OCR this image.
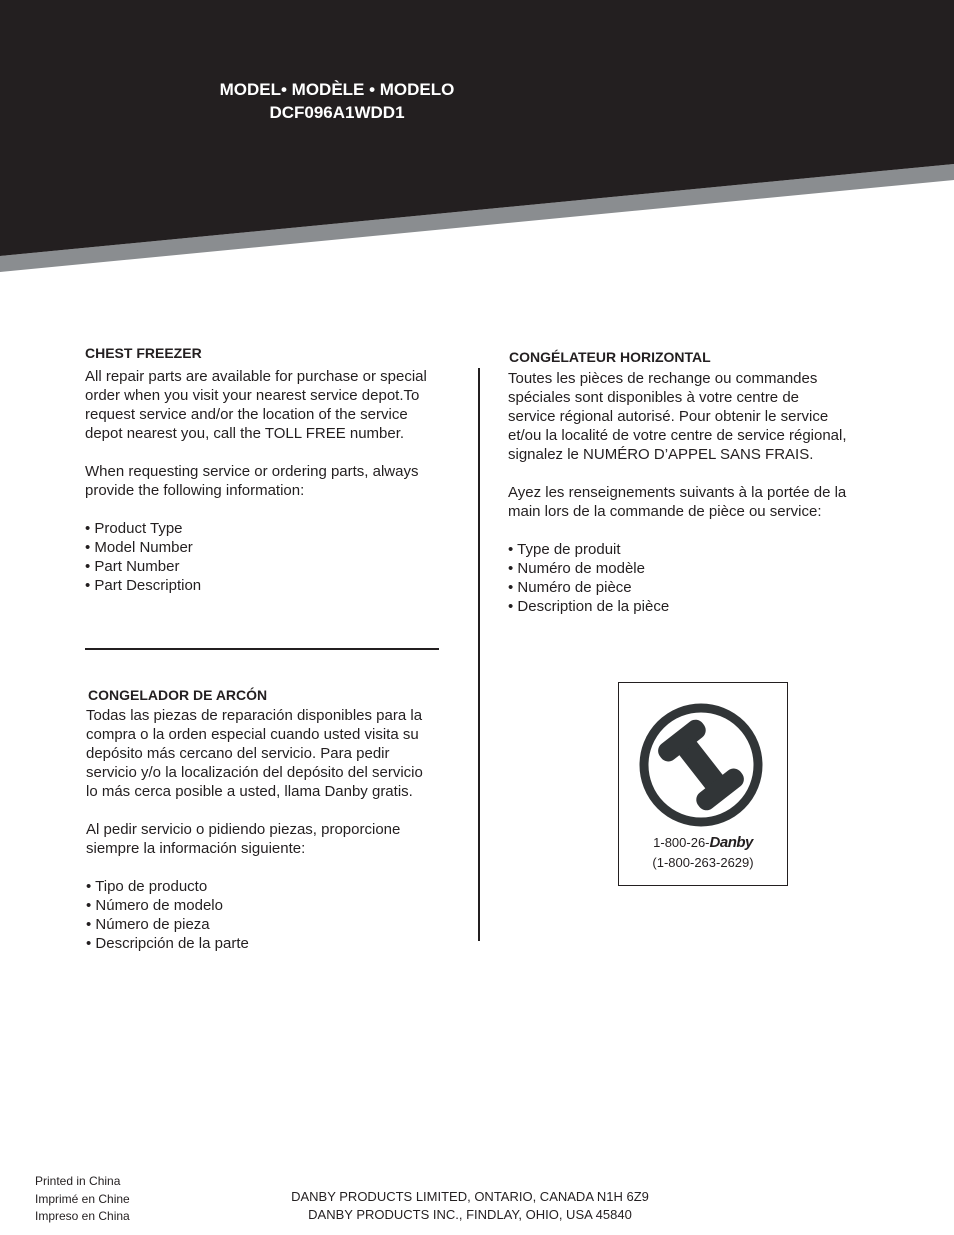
MODEL• MODÈLE • MODELO
DCF096A1WDD1
CHEST FREEZER

All repair parts are available for purchase or special
order when you visit your nearest service depot.To
request service and/or the location of the service
depot nearest you, call the TOLL FREE number.

When requesting service or ordering parts, always
provide the following information:

• Product Type
• Model Number
• Part Number
• Part Description
CONGELADOR DE ARCÓN

Todas las piezas de reparación disponibles para la
compra o la orden especial cuando usted visita su
depósito más cercano del servicio. Para pedir
servicio y/o la localización del depósito del servicio
lo más cerca posible a usted, llama Danby gratis.

Al pedir servicio o pidiendo piezas, proporcione
siempre la información siguiente:

• Tipo de producto
• Número de modelo
• Número de pieza
• Descripción de la parte
CONGÉLATEUR HORIZONTAL

Toutes les pièces de rechange ou commandes
spéciales sont disponibles à votre centre de
service régional autorisé. Pour obtenir le service
et/ou la localité de votre centre de service régional,
signalez le NUMÉRO D’APPEL SANS FRAIS.

Ayez les renseignements suivants à la portée de la
main lors de la commande de pièce ou service:

• Type de produit
• Numéro de modèle
• Numéro de pièce
• Description de la pièce
1-800-26-Danby
(1-800-263-2629)
Printed in China
Imprimé en Chine
Impreso en China
DANBY PRODUCTS LIMITED, ONTARIO, CANADA N1H 6Z9
DANBY PRODUCTS INC., FINDLAY, OHIO, USA 45840
